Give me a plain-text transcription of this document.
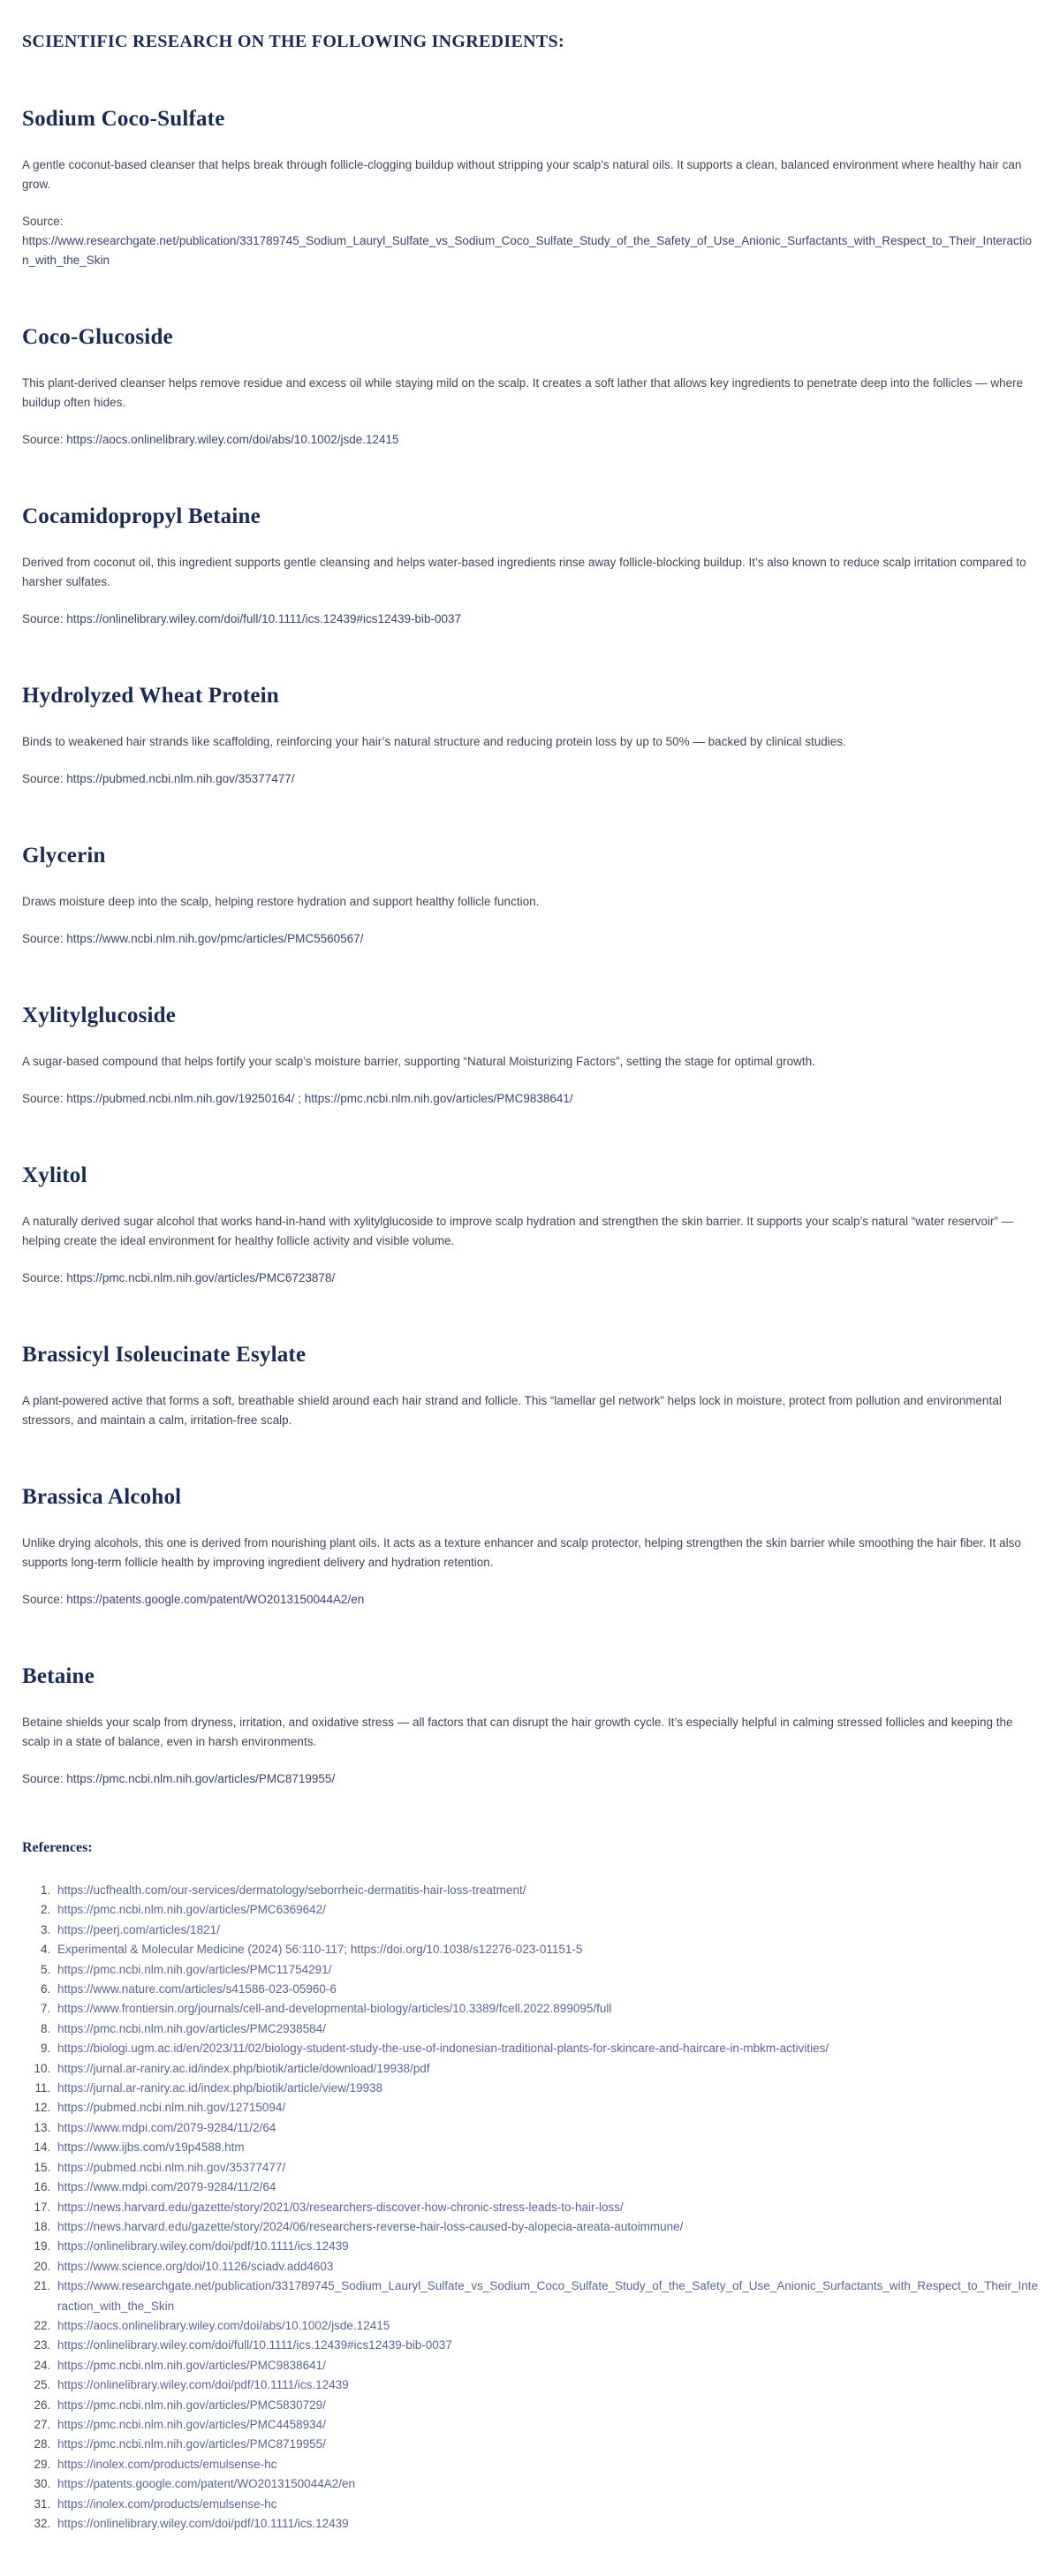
SCIENTIFIC RESEARCH ON THE FOLLOWING INGREDIENTS:
Sodium Coco-Sulfate

A gentle coconut-based cleanser that helps break through follicle-clogging buildup without stripping your scalp’s natural oils. It supports a clean, balanced environment where healthy hair can grow.

Source: https://www.researchgate.net/publication/331789745_Sodium_Lauryl_Sulfate_vs_Sodium_Coco_Sulfate_Study_of_the_Safety_of_Use_Anionic_Surfactants_with_Respect_to_Their_Interaction_with_the_Skin

Coco-Glucoside

This plant-derived cleanser helps remove residue and excess oil while staying mild on the scalp. It creates a soft lather that allows key ingredients to penetrate deep into the follicles — where buildup often hides.

Source: https://aocs.onlinelibrary.wiley.com/doi/abs/10.1002/jsde.12415

Cocamidopropyl Betaine

Derived from coconut oil, this ingredient supports gentle cleansing and helps water-based ingredients rinse away follicle-blocking buildup. It’s also known to reduce scalp irritation compared to harsher sulfates.

Source: https://onlinelibrary.wiley.com/doi/full/10.1111/ics.12439#ics12439-bib-0037

Hydrolyzed Wheat Protein

Binds to weakened hair strands like scaffolding, reinforcing your hair’s natural structure and reducing protein loss by up to 50% — backed by clinical studies.

Source: https://pubmed.ncbi.nlm.nih.gov/35377477/

Glycerin

Draws moisture deep into the scalp, helping restore hydration and support healthy follicle function.

Source: https://www.ncbi.nlm.nih.gov/pmc/articles/PMC5560567/

Xylitylglucoside

A sugar-based compound that helps fortify your scalp’s moisture barrier, supporting “Natural Moisturizing Factors”, setting the stage for optimal growth.

Source: https://pubmed.ncbi.nlm.nih.gov/19250164/ ; https://pmc.ncbi.nlm.nih.gov/articles/PMC9838641/

Xylitol

A naturally derived sugar alcohol that works hand-in-hand with xylitylglucoside to improve scalp hydration and strengthen the skin barrier. It supports your scalp’s natural “water reservoir” — helping create the ideal environment for healthy follicle activity and visible volume.

Source: https://pmc.ncbi.nlm.nih.gov/articles/PMC6723878/

Brassicyl Isoleucinate Esylate

A plant-powered active that forms a soft, breathable shield around each hair strand and follicle. This “lamellar gel network” helps lock in moisture, protect from pollution and environmental stressors, and maintain a calm, irritation-free scalp.

Brassica Alcohol

Unlike drying alcohols, this one is derived from nourishing plant oils. It acts as a texture enhancer and scalp protector, helping strengthen the skin barrier while smoothing the hair fiber. It also supports long-term follicle health by improving ingredient delivery and hydration retention.

Source: https://patents.google.com/patent/WO2013150044A2/en

Betaine

Betaine shields your scalp from dryness, irritation, and oxidative stress — all factors that can disrupt the hair growth cycle. It’s especially helpful in calming stressed follicles and keeping the scalp in a state of balance, even in harsh environments.

Source: https://pmc.ncbi.nlm.nih.gov/articles/PMC8719955/

References:
1. https://ucfhealth.com/our-services/dermatology/seborrheic-dermatitis-hair-loss-treatment/
2. https://pmc.ncbi.nlm.nih.gov/articles/PMC6369642/
3. https://peerj.com/articles/1821/
4. Experimental & Molecular Medicine (2024) 56:110-117; https://doi.org/10.1038/s12276-023-01151-5
5. https://pmc.ncbi.nlm.nih.gov/articles/PMC11754291/
6. https://www.nature.com/articles/s41586-023-05960-6
7. https://www.frontiersin.org/journals/cell-and-developmental-biology/articles/10.3389/fcell.2022.899095/full
8. https://pmc.ncbi.nlm.nih.gov/articles/PMC2938584/
9. https://biologi.ugm.ac.id/en/2023/11/02/biology-student-study-the-use-of-indonesian-traditional-plants-for-skincare-and-haircare-in-mbkm-activities/
10. https://jurnal.ar-raniry.ac.id/index.php/biotik/article/download/19938/pdf
11. https://jurnal.ar-raniry.ac.id/index.php/biotik/article/view/19938
12. https://pubmed.ncbi.nlm.nih.gov/12715094/
13. https://www.mdpi.com/2079-9284/11/2/64
14. https://www.ijbs.com/v19p4588.htm
15. https://pubmed.ncbi.nlm.nih.gov/35377477/
16. https://www.mdpi.com/2079-9284/11/2/64
17. https://news.harvard.edu/gazette/story/2021/03/researchers-discover-how-chronic-stress-leads-to-hair-loss/
18. https://news.harvard.edu/gazette/story/2024/06/researchers-reverse-hair-loss-caused-by-alopecia-areata-autoimmune/
19. https://onlinelibrary.wiley.com/doi/pdf/10.1111/ics.12439
20. https://www.science.org/doi/10.1126/sciadv.add4603
21. https://www.researchgate.net/publication/331789745_Sodium_Lauryl_Sulfate_vs_Sodium_Coco_Sulfate_Study_of_the_Safety_of_Use_Anionic_Surfactants_with_Respect_to_Their_Interaction_with_the_Skin
22. https://aocs.onlinelibrary.wiley.com/doi/abs/10.1002/jsde.12415
23. https://onlinelibrary.wiley.com/doi/full/10.1111/ics.12439#ics12439-bib-0037
24. https://pmc.ncbi.nlm.nih.gov/articles/PMC9838641/
25. https://onlinelibrary.wiley.com/doi/pdf/10.1111/ics.12439
26. https://pmc.ncbi.nlm.nih.gov/articles/PMC5830729/
27. https://pmc.ncbi.nlm.nih.gov/articles/PMC4458934/
28. https://pmc.ncbi.nlm.nih.gov/articles/PMC8719955/
29. https://inolex.com/products/emulsense-hc
30. https://patents.google.com/patent/WO2013150044A2/en
31. https://inolex.com/products/emulsense-hc
32. https://onlinelibrary.wiley.com/doi/pdf/10.1111/ics.12439
